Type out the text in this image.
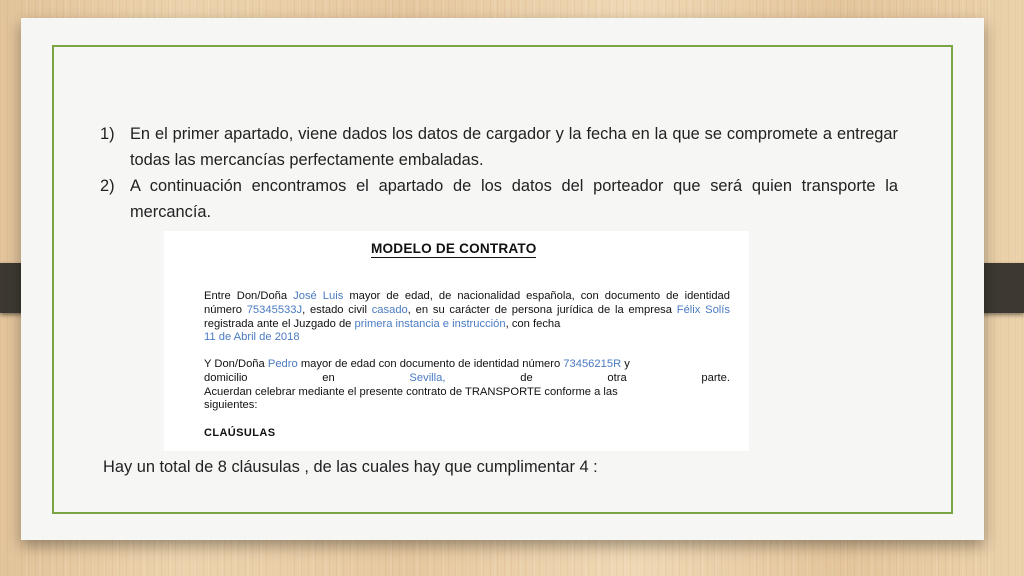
1) En el primer apartado, viene dados los datos de cargador y la fecha en la que se compromete a entregar todas las mercancías perfectamente embaladas.
2) A continuación encontramos el apartado de los datos del porteador que será quien transporte la mercancía.
MODELO DE CONTRATO
Entre Don/Doña José Luis mayor de edad, de nacionalidad española, con documento de identidad número 75345533J, estado civil casado, en su carácter de persona jurídica de la empresa Félix Solís registrada ante el Juzgado de primera instancia e instrucción, con fecha
11 de Abril de 2018
Y Don/Doña Pedro mayor de edad con documento de identidad número 73456215R y
domicilio	en	Sevilla,	de	otra	parte.
Acuerdan celebrar mediante el presente contrato de TRANSPORTE conforme a las
siguientes:
CLAÚSULAS
Hay un total de 8 cláusulas , de las cuales hay que cumplimentar 4 :
